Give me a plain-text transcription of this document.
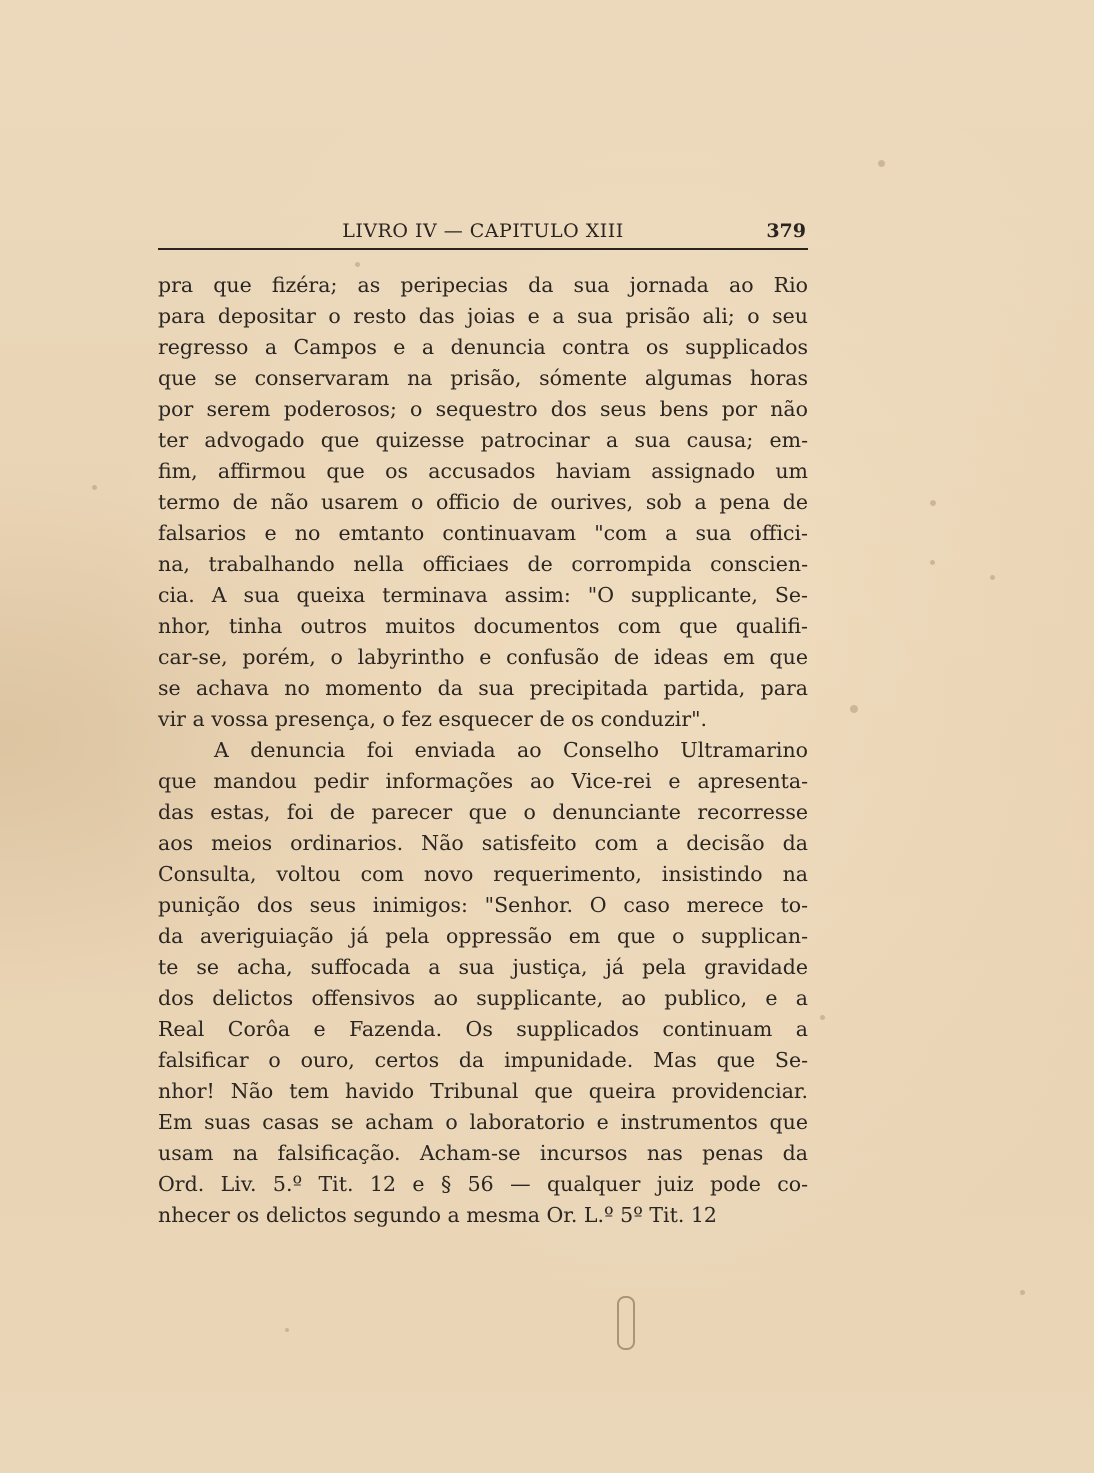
LIVRO IV — CAPITULO XIII	379
pra que fizéra; as peripecias da sua jornada ao Rio
para depositar o resto das joias e a sua prisão ali; o seu
regresso a Campos e a denuncia contra os supplicados
que se conservaram na prisão, sómente algumas horas
por serem poderosos; o sequestro dos seus bens por não
ter advogado que quizesse patrocinar a sua causa; em-
fim, affirmou que os accusados haviam assignado um
termo de não usarem o officio de ourives, sob a pena de
falsarios e no emtanto continuavam "com a sua offici-
na, trabalhando nella officiaes de corrompida conscien-
cia. A sua queixa terminava assim: "O supplicante, Se-
nhor, tinha outros muitos documentos com que qualifi-
car-se, porém, o labyrintho e confusão de ideas em que
se achava no momento da sua precipitada partida, para
vir a vossa presença, o fez esquecer de os conduzir".
A denuncia foi enviada ao Conselho Ultramarino
que mandou pedir informações ao Vice-rei e apresenta-
das estas, foi de parecer que o denunciante recorresse
aos meios ordinarios. Não satisfeito com a decisão da
Consulta, voltou com novo requerimento, insistindo na
punição dos seus inimigos: "Senhor. O caso merece to-
da averiguiação já pela oppressão em que o supplican-
te se acha, suffocada a sua justiça, já pela gravidade
dos delictos offensivos ao supplicante, ao publico, e a
Real Corôa e Fazenda. Os supplicados continuam a
falsificar o ouro, certos da impunidade. Mas que Se-
nhor! Não tem havido Tribunal que queira providenciar.
Em suas casas se acham o laboratorio e instrumentos que
usam na falsificação. Acham-se incursos nas penas da
Ord. Liv. 5.º Tit. 12 e § 56 — qualquer juiz pode co-
nhecer os delictos segundo a mesma Or. L.º 5º Tit. 12
